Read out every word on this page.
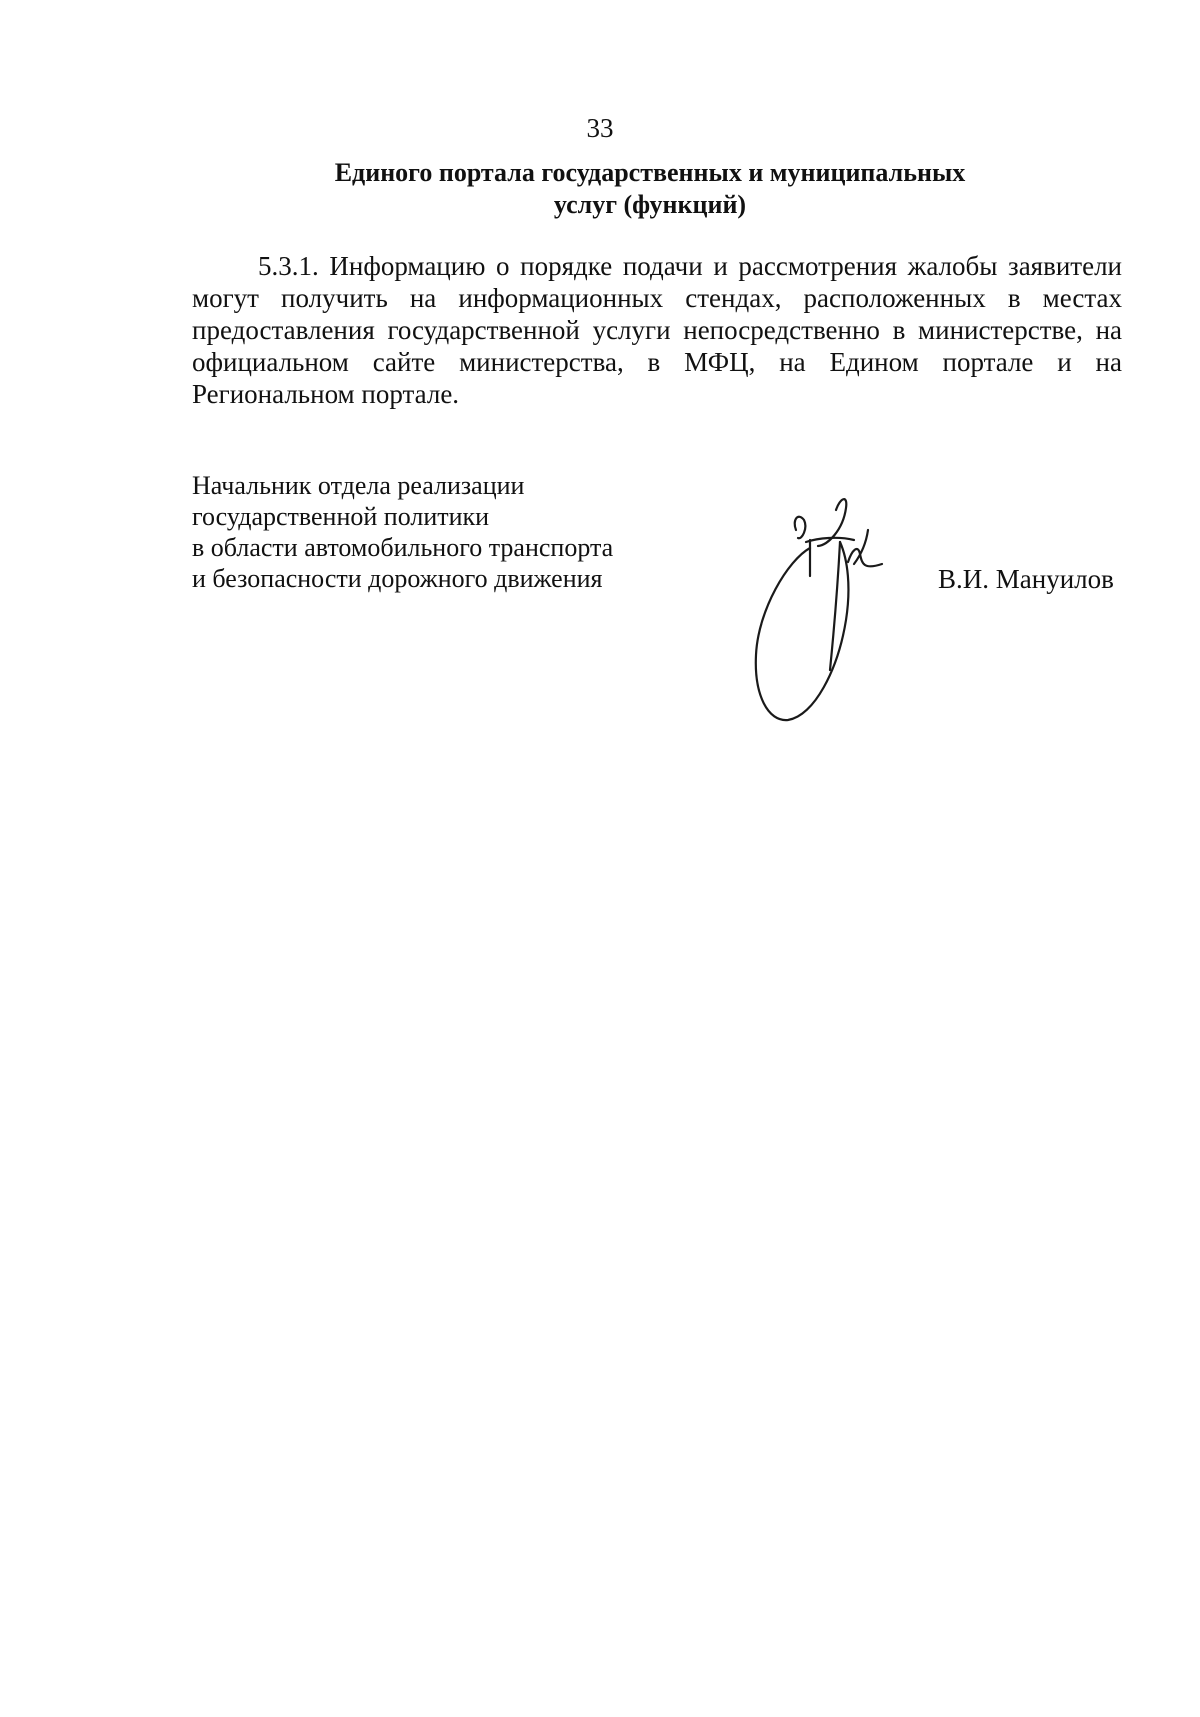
33
Единого портала государственных и муниципальных
услуг (функций)

5.3.1. Информацию о порядке подачи и рассмотрения жалобы заявители могут получить на информационных стендах, расположенных в местах предоставления государственной услуги непосредственно в министерстве, на официальном сайте министерства, в МФЦ, на Едином портале и на Региональном портале.

Начальник отдела реализации
государственной политики
в области автомобильного транспорта
и безопасности дорожного движения	В.И. Мануилов
